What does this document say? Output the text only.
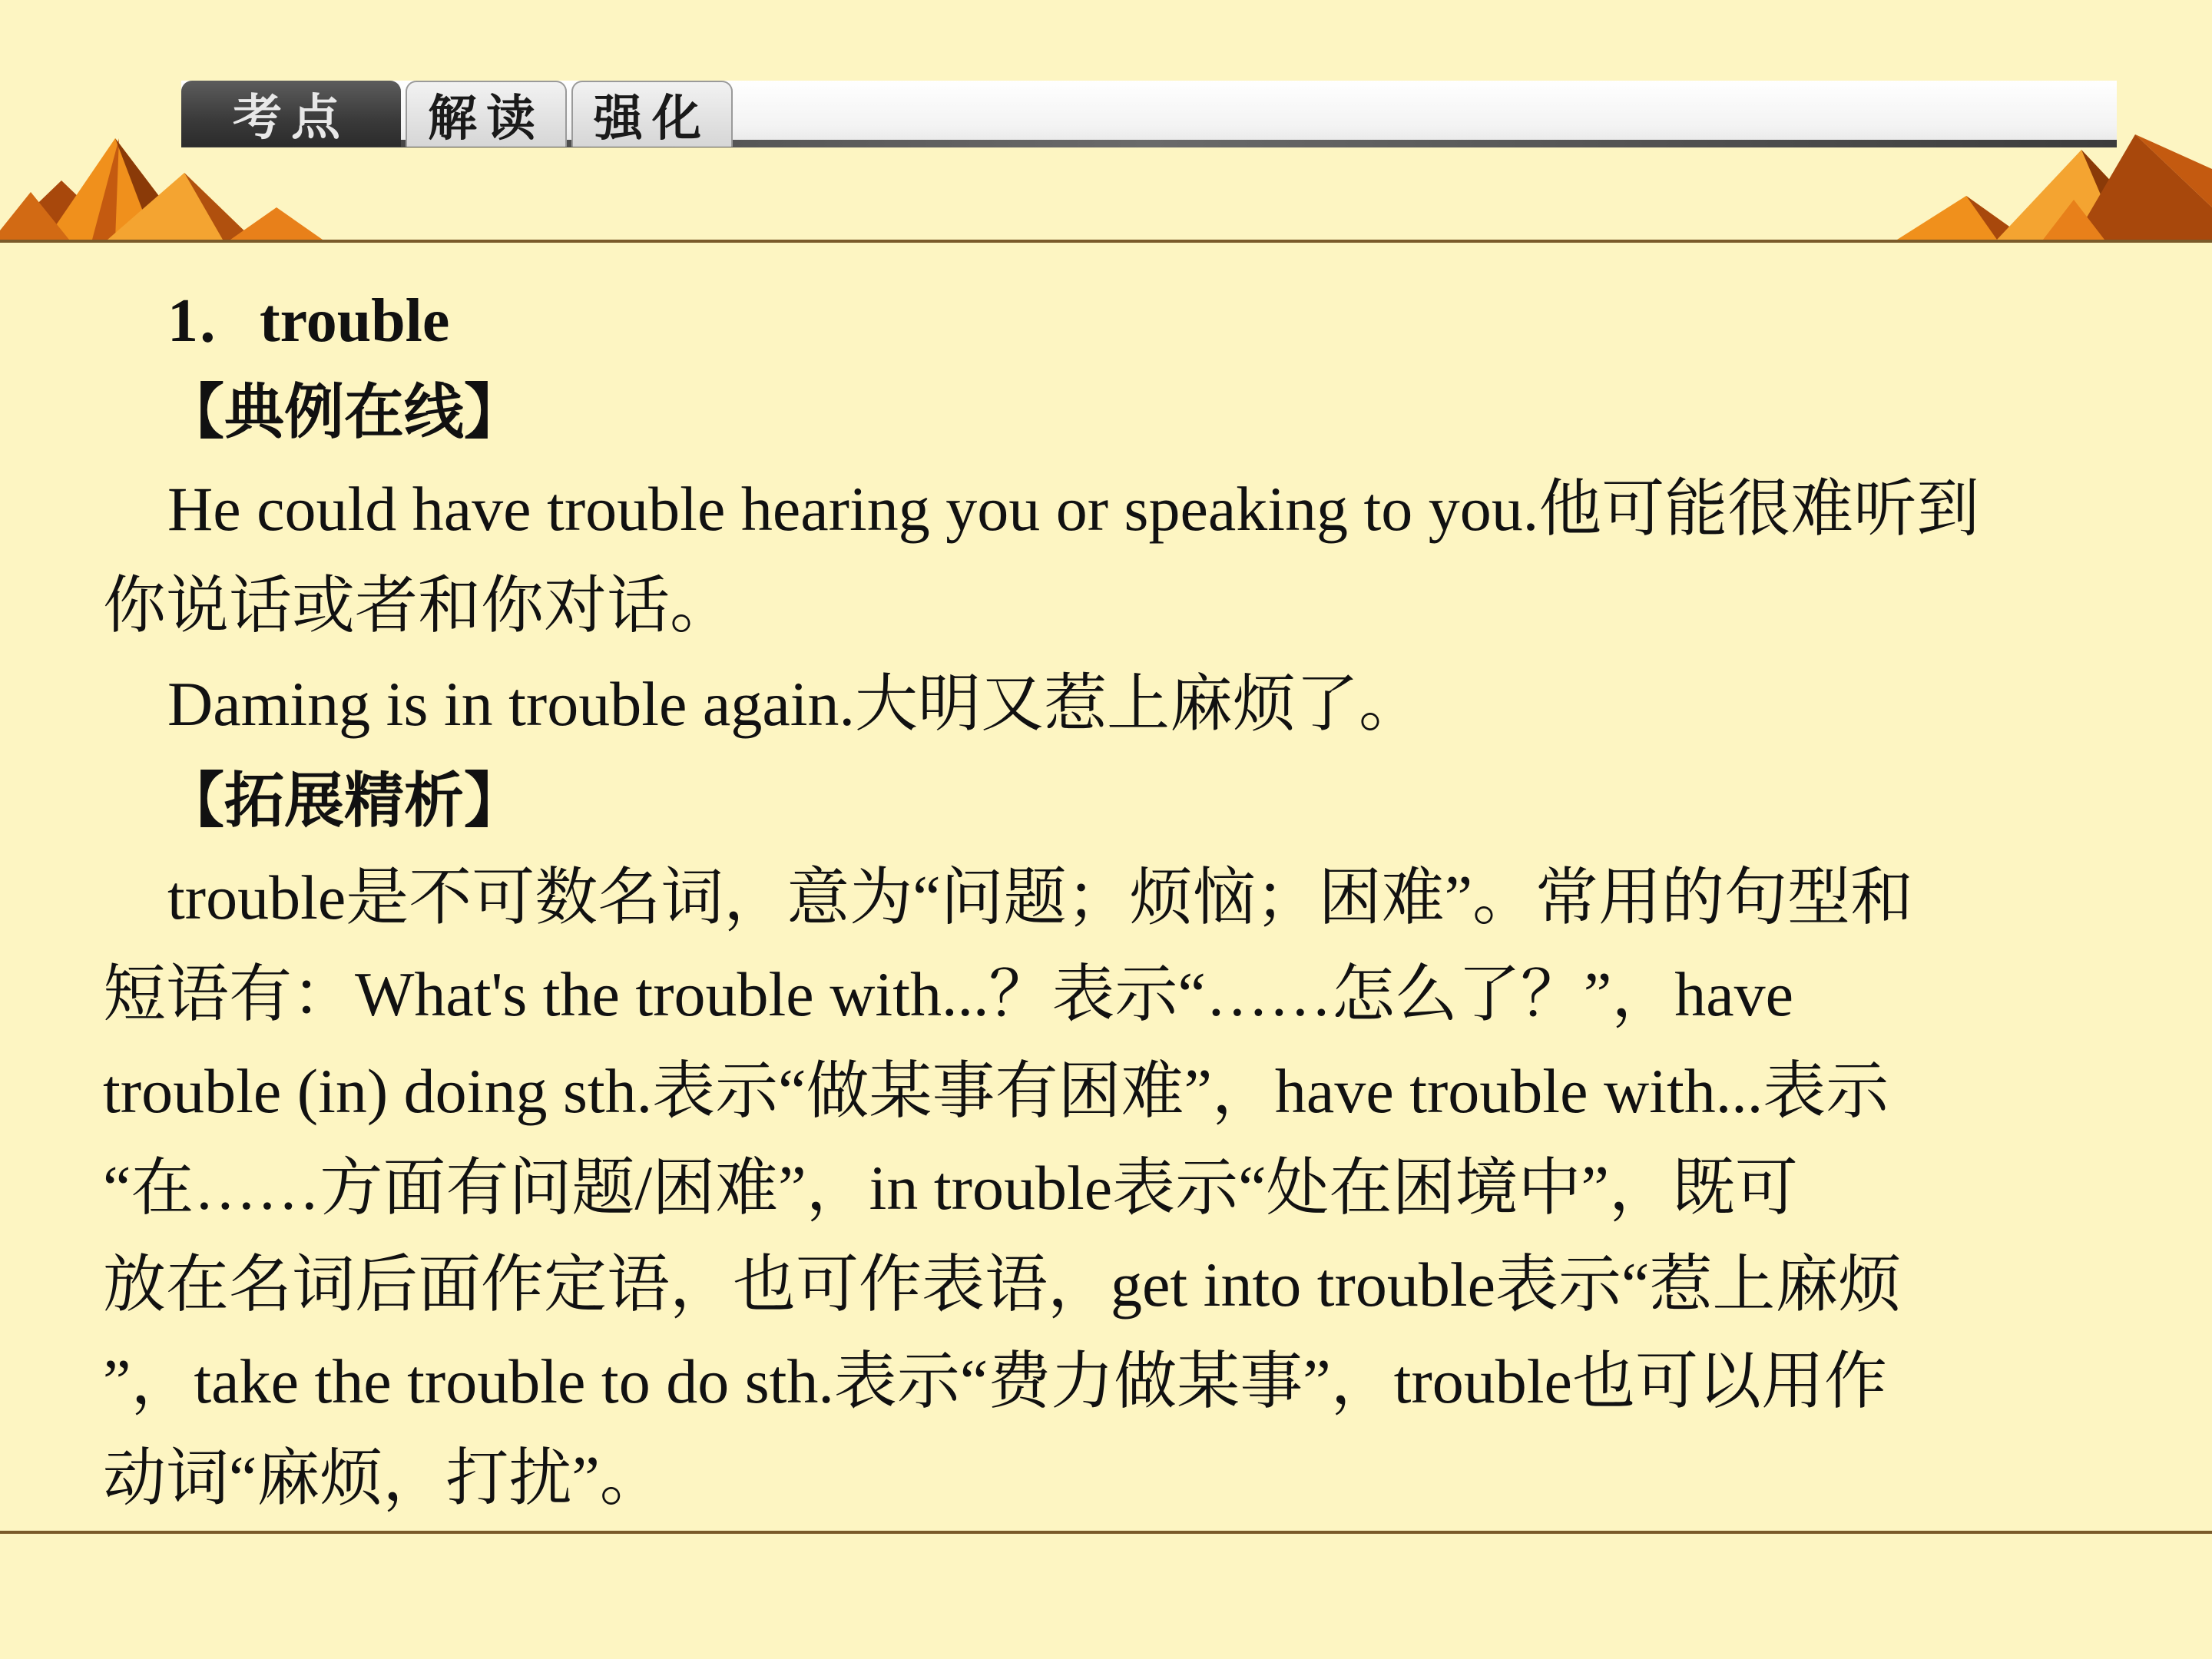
考点	解读	强化
1．trouble
【典例在线】
He could have trouble hearing you or speaking to you.他可能很难听到
你说话或者和你对话。
Daming is in trouble again.大明又惹上麻烦了。
【拓展精析】
trouble是不可数名词，意为“问题；烦恼；困难”。常用的句型和
短语有：What's the trouble with...？表示“……怎么了？”，have
trouble (in) doing sth.表示“做某事有困难”，have trouble with...表示
“在……方面有问题/困难”，in trouble表示“处在困境中”，既可
放在名词后面作定语，也可作表语，get into trouble表示“惹上麻烦
”，take the trouble to do sth.表示“费力做某事”，trouble也可以用作
动词“麻烦，打扰”。
